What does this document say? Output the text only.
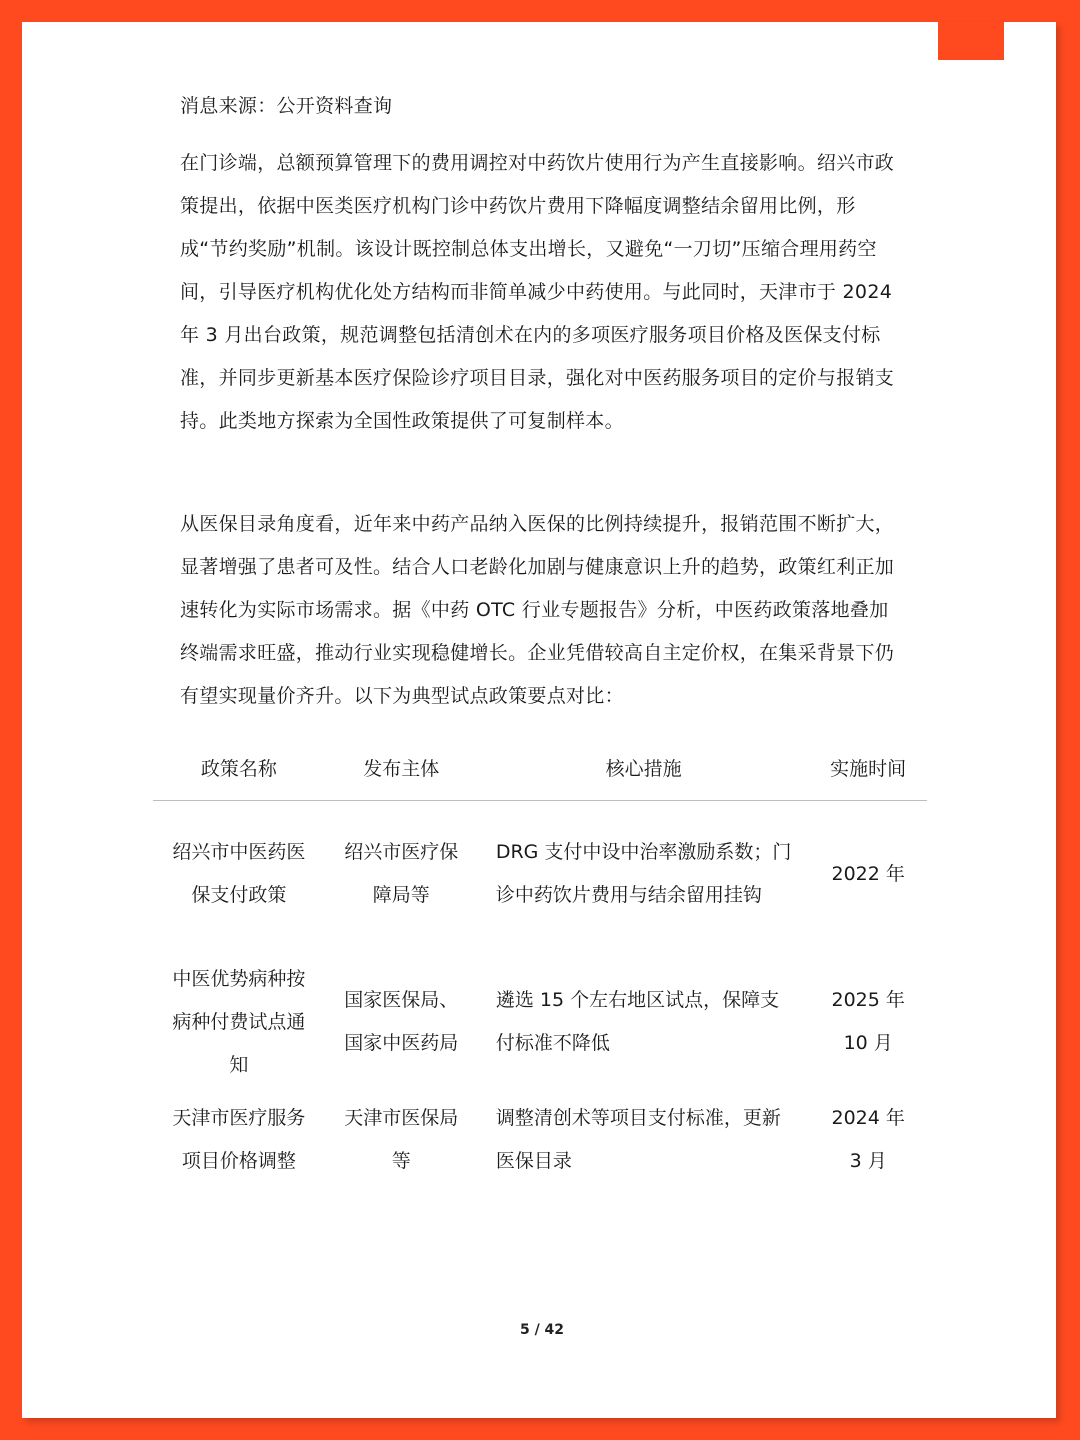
消息来源：公开资料查询

在门诊端，总额预算管理下的费用调控对中药饮片使用行为产生直接影响。绍兴市政策提出，依据中医类医疗机构门诊中药饮片费用下降幅度调整结余留用比例，形成“节约奖励”机制。该设计既控制总体支出增长，又避免“一刀切”压缩合理用药空间，引导医疗机构优化处方结构而非简单减少中药使用。与此同时，天津市于 2024 年 3 月出台政策，规范调整包括清创术在内的多项医疗服务项目价格及医保支付标准，并同步更新基本医疗保险诊疗项目目录，强化对中医药服务项目的定价与报销支持。此类地方探索为全国性政策提供了可复制样本。

从医保目录角度看，近年来中药产品纳入医保的比例持续提升，报销范围不断扩大，显著增强了患者可及性。结合人口老龄化加剧与健康意识上升的趋势，政策红利正加速转化为实际市场需求。据《中药 OTC 行业专题报告》分析，中医药政策落地叠加终端需求旺盛，推动行业实现稳健增长。企业凭借较高自主定价权，在集采背景下仍有望实现量价齐升。以下为典型试点政策要点对比：

政策名称	发布主体	核心措施	实施时间
绍兴市中医药医保支付政策	绍兴市医疗保障局等	DRG 支付中设中治率激励系数；门诊中药饮片费用与结余留用挂钩	2022 年
中医优势病种按病种付费试点通知	国家医保局、国家中医药局	遴选 15 个左右地区试点，保障支付标准不降低	2025 年 10 月
天津市医疗服务项目价格调整	天津市医保局等	调整清创术等项目支付标准，更新医保目录	2024 年 3 月
5 / 42
